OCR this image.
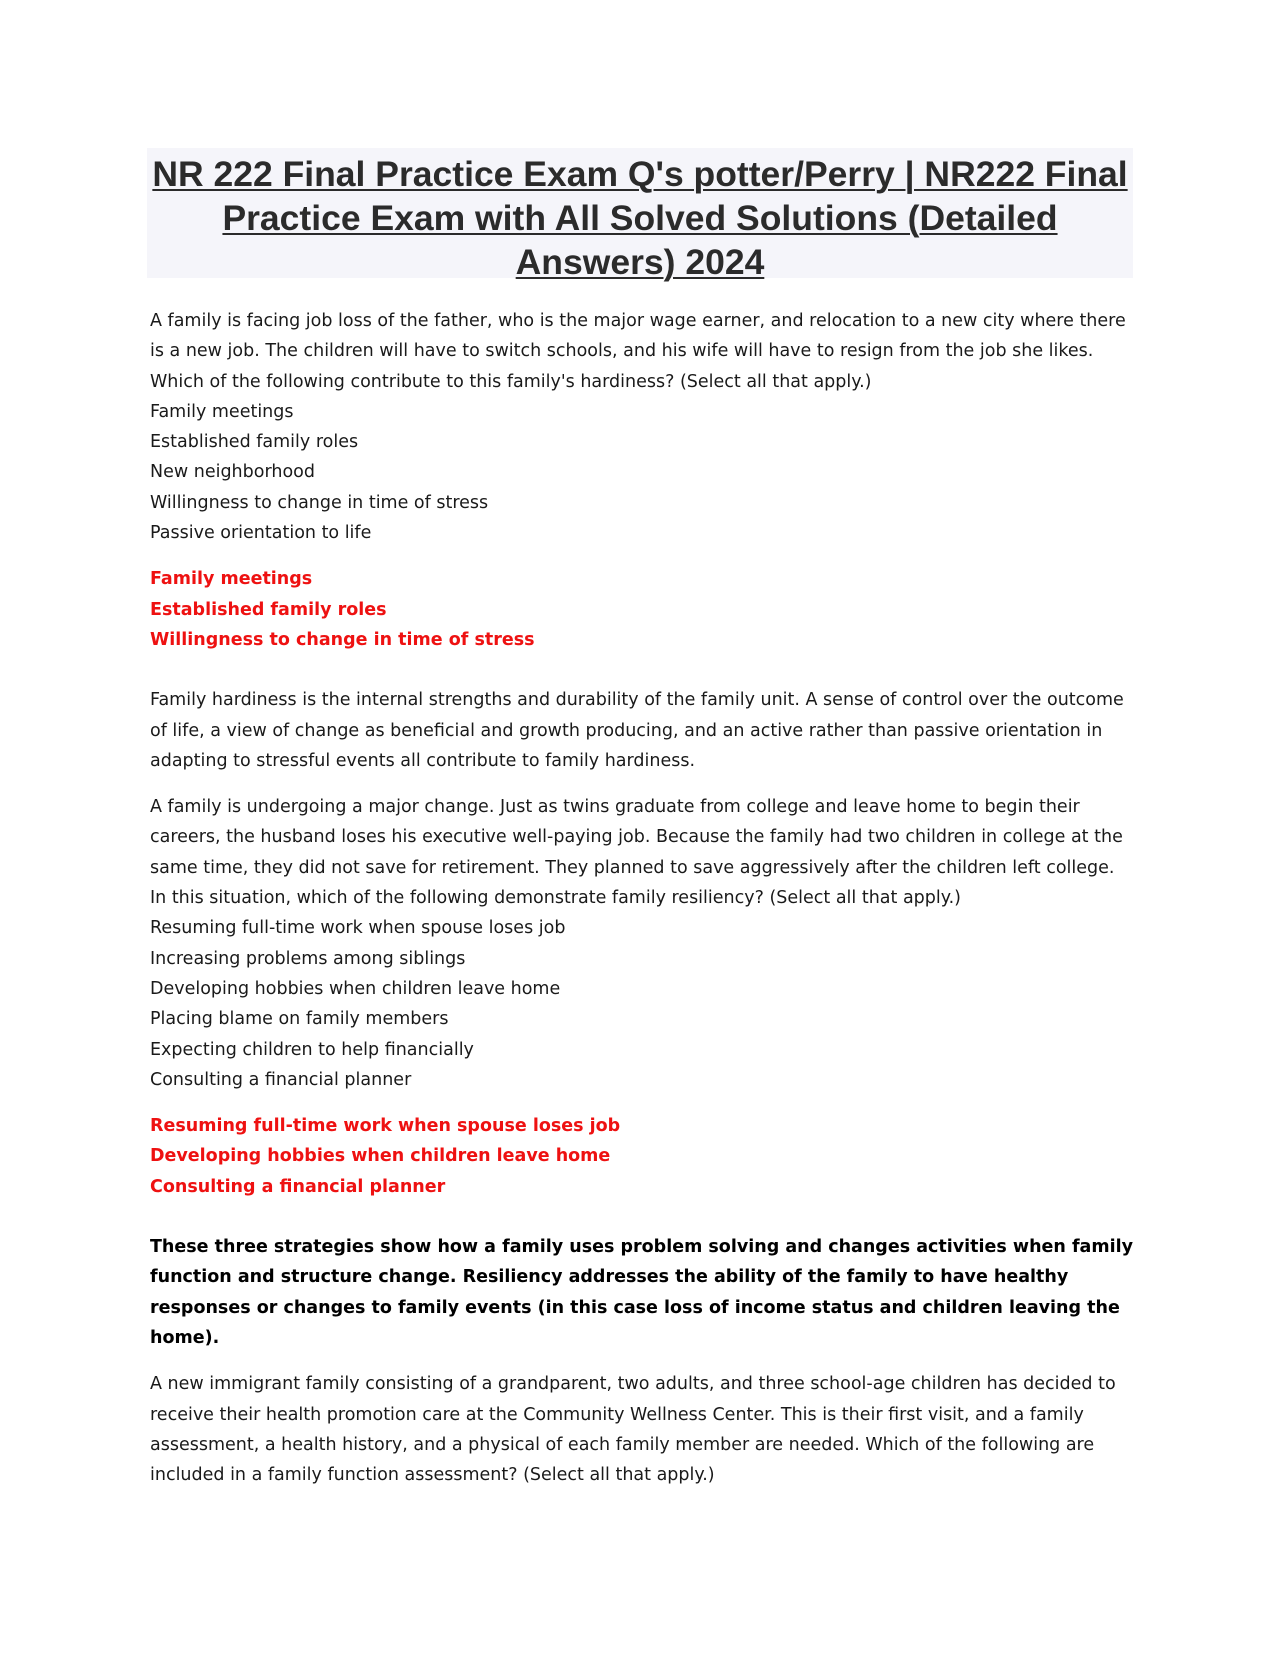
NR 222 Final Practice Exam Q's potter/Perry | NR222 Final Practice Exam with All Solved Solutions (Detailed Answers) 2024

A family is facing job loss of the father, who is the major wage earner, and relocation to a new city where there is a new job. The children will have to switch schools, and his wife will have to resign from the job she likes. Which of the following contribute to this family's hardiness? (Select all that apply.)

Family meetings
Established family roles
New neighborhood
Willingness to change in time of stress
Passive orientation to life
Family meetings
Established family roles
Willingness to change in time of stress

Family hardiness is the internal strengths and durability of the family unit. A sense of control over the outcome of life, a view of change as beneficial and growth producing, and an active rather than passive orientation in adapting to stressful events all contribute to family hardiness.

A family is undergoing a major change. Just as twins graduate from college and leave home to begin their careers, the husband loses his executive well-paying job. Because the family had two children in college at the same time, they did not save for retirement. They planned to save aggressively after the children left college. In this situation, which of the following demonstrate family resiliency? (Select all that apply.)

Resuming full-time work when spouse loses job
Increasing problems among siblings
Developing hobbies when children leave home
Placing blame on family members
Expecting children to help financially
Consulting a financial planner
Resuming full-time work when spouse loses job
Developing hobbies when children leave home
Consulting a financial planner

These three strategies show how a family uses problem solving and changes activities when family function and structure change. Resiliency addresses the ability of the family to have healthy responses or changes to family events (in this case loss of income status and children leaving the home).

A new immigrant family consisting of a grandparent, two adults, and three school-age children has decided to receive their health promotion care at the Community Wellness Center. This is their first visit, and a family assessment, a health history, and a physical of each family member are needed. Which of the following are included in a family function assessment? (Select all that apply.)
